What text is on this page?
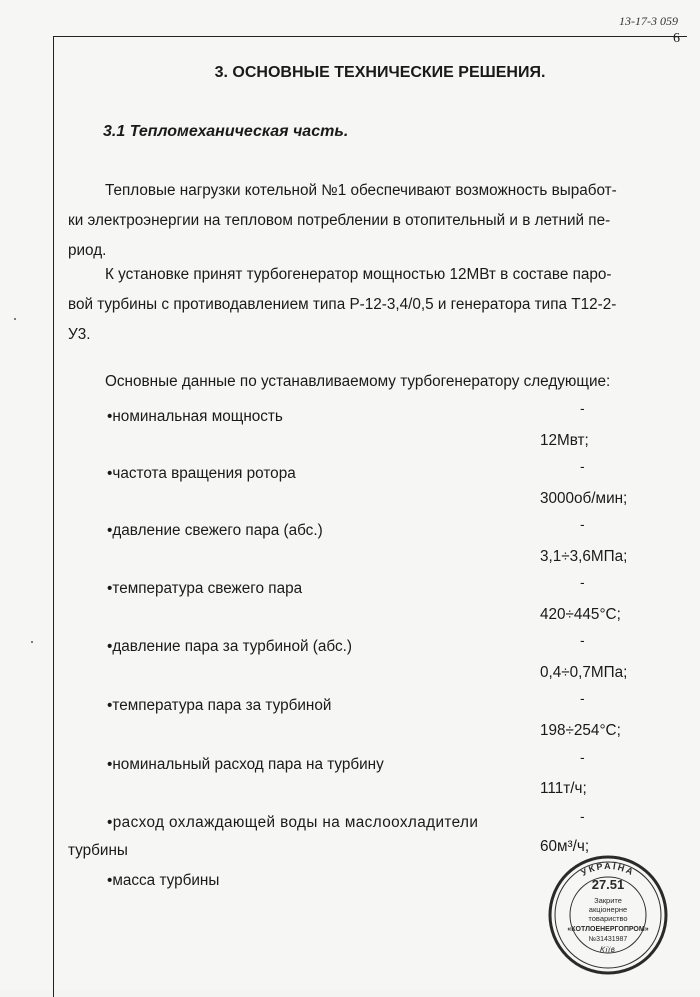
13-17-3 059
6
3. ОСНОВНЫЕ ТЕХНИЧЕСКИЕ РЕШЕНИЯ.
3.1 Тепломеханическая часть.
Тепловые нагрузки котельной №1 обеспечивают возможность выработ-
ки электроэнергии на тепловом потреблении в отопительный и в летний пе-
риод.
К установке принят турбогенератор мощностью 12МВт в составе паро-
вой турбины с противодавлением типа Р-12-3,4/0,5 и генератора типа Т12-2-
У3.
Основные данные по устанавливаемому турбогенератору следующие:
•номинальная мощность	-
12Мвт;
•частота вращения ротора	-
3000об/мин;
•давление свежего пара (абс.)	-
3,1÷3,6МПа;
•температура свежего пара	-
420÷445°С;
•давление пара за турбиной (абс.)	-
0,4÷0,7МПа;
•температура пара за турбиной	-
198÷254°С;
•номинальный расход пара на турбину	-
111т/ч;
•расход охлаждающей воды на маслоохладители
турбины
-
60м³/ч;
•масса турбины
УКРАЇНА
Кіїв
27.51
Закрите
акціонерне
товариство
«КОТЛОЕНЕРГОПРОМ»
№31431987
